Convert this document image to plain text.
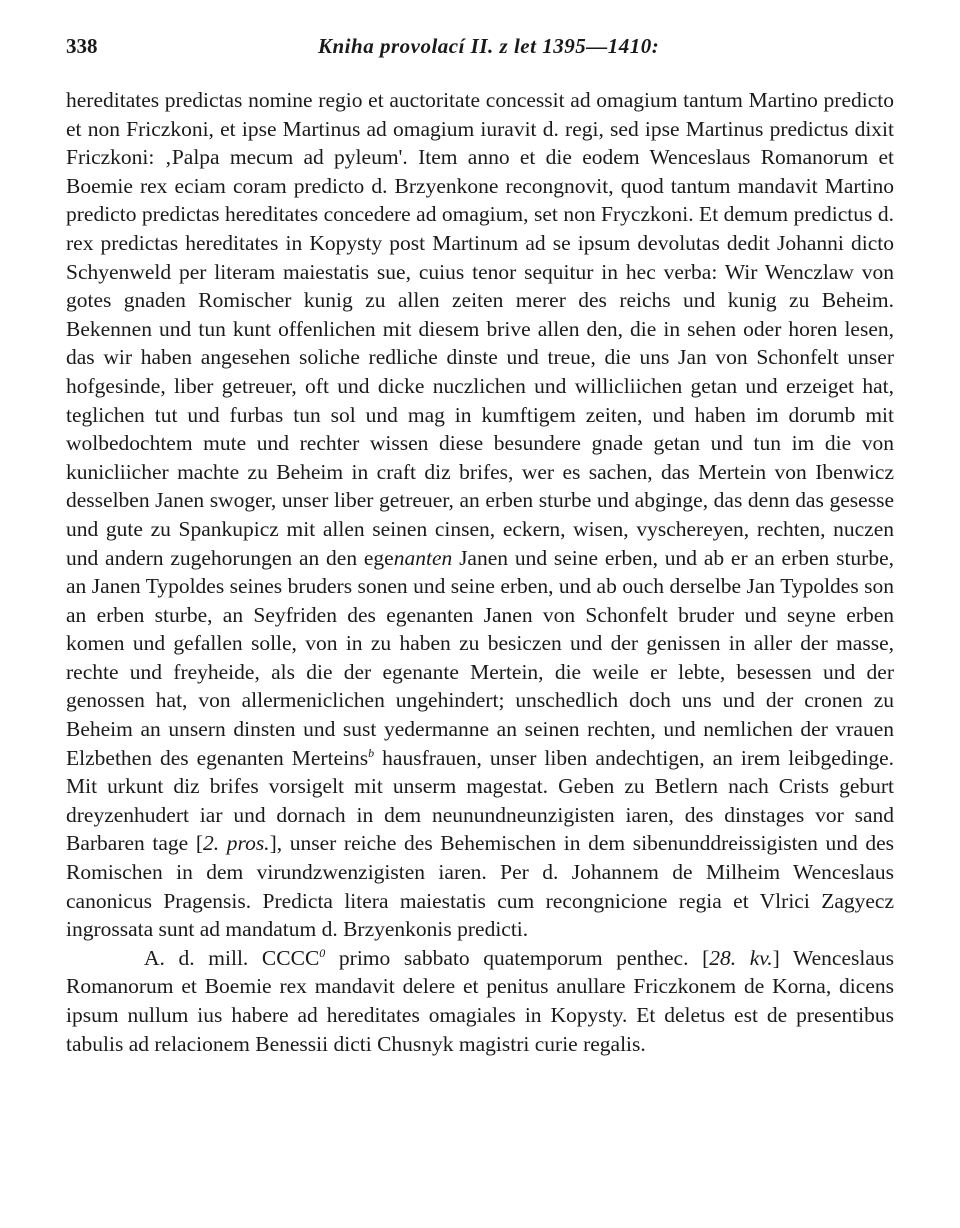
338	Kniha provolací II. z let 1395—1410:

hereditates predictas nomine regio et auctoritate concessit ad omagium tantum Martino predicto et non Friczkoni, et ipse Martinus ad omagium iuravit d. regi, sed ipse Martinus predictus dixit Friczkoni: ‚Palpa mecum ad pyleum'. Item anno et die eodem Wenceslaus Romanorum et Boemie rex eciam coram predicto d. Brzyenkone recongnovit, quod tantum mandavit Martino predicto predictas hereditates concedere ad omagium, set non Fryczkoni. Et demum predictus d. rex predictas hereditates in Kopysty post Martinum ad se ipsum devolutas dedit Johanni dicto Schyenweld per literam maiestatis sue, cuius tenor sequitur in hec verba: Wir Wenczlaw von gotes gnaden Romischer kunig zu allen zeiten merer des reichs und kunig zu Beheim. Bekennen und tun kunt offenlichen mit diesem brive allen den, die in sehen oder horen lesen, das wir haben angesehen soliche redliche dinste und treue, die uns Jan von Schonfelt unser hofgesinde, liber getreuer, oft und dicke nuczlichen und willicliichen getan und erzeiget hat, teglichen tut und furbas tun sol und mag in kumftigem zeiten, und haben im dorumb mit wolbedochtem mute und rechter wissen diese besundere gnade getan und tun im die von kunicliicher machte zu Beheim in craft diz brifes, wer es sachen, das Mertein von Ibenwicz desselben Janen swoger, unser liber getreuer, an erben sturbe und abginge, das denn das gesesse und gute zu Spankupicz mit allen seinen cinsen, eckern, wisen, vyschereyen, rechten, nuczen und andern zugehorungen an den egenanten Janen und seine erben, und ab er an erben sturbe, an Janen Typoldes seines bruders sonen und seine erben, und ab ouch derselbe Jan Typoldes son an erben sturbe, an Seyfriden des egenanten Janen von Schonfelt bruder und seyne erben komen und gefallen solle, von in zu haben zu besiczen und der genissen in aller der masse, rechte und freyheide, als die der egenante Mertein, die weile er lebte, besessen und der genossen hat, von allermeniclichen ungehindert; unschedlich doch uns und der cronen zu Beheim an unsern dinsten und sust yedermanne an seinen rechten, und nemlichen der vrauen Elzbethen des egenanten Merteins$^b$ hausfrauen, unser liben andechtigen, an irem leibgedinge. Mit urkunt diz brifes vorsigelt mit unserm magestat. Geben zu Betlern nach Crists geburt dreyzenhudert iar und dornach in dem neunundneunzigisten iaren, des dinstages vor sand Barbaren tage [2. pros.], unser reiche des Behemischen in dem sibenunddreissigisten und des Romischen in dem virundzwenzigisten iaren. Per d. Johannem de Milheim Wenceslaus canonicus Pragensis. Predicta litera maiestatis cum recongnicione regia et Vlrici Zagyecz ingrossata sunt ad mandatum d. Brzyenkonis predicti.

A. d. mill. CCCC$^0$ primo sabbato quatemporum penthec. [28. kv.] Wenceslaus Romanorum et Boemie rex mandavit delere et penitus anullare Friczkonem de Korna, dicens ipsum nullum ius habere ad hereditates omagiales in Kopysty. Et deletus est de presentibus tabulis ad relacionem Benessii dicti Chusnyk magistri curie regalis.
